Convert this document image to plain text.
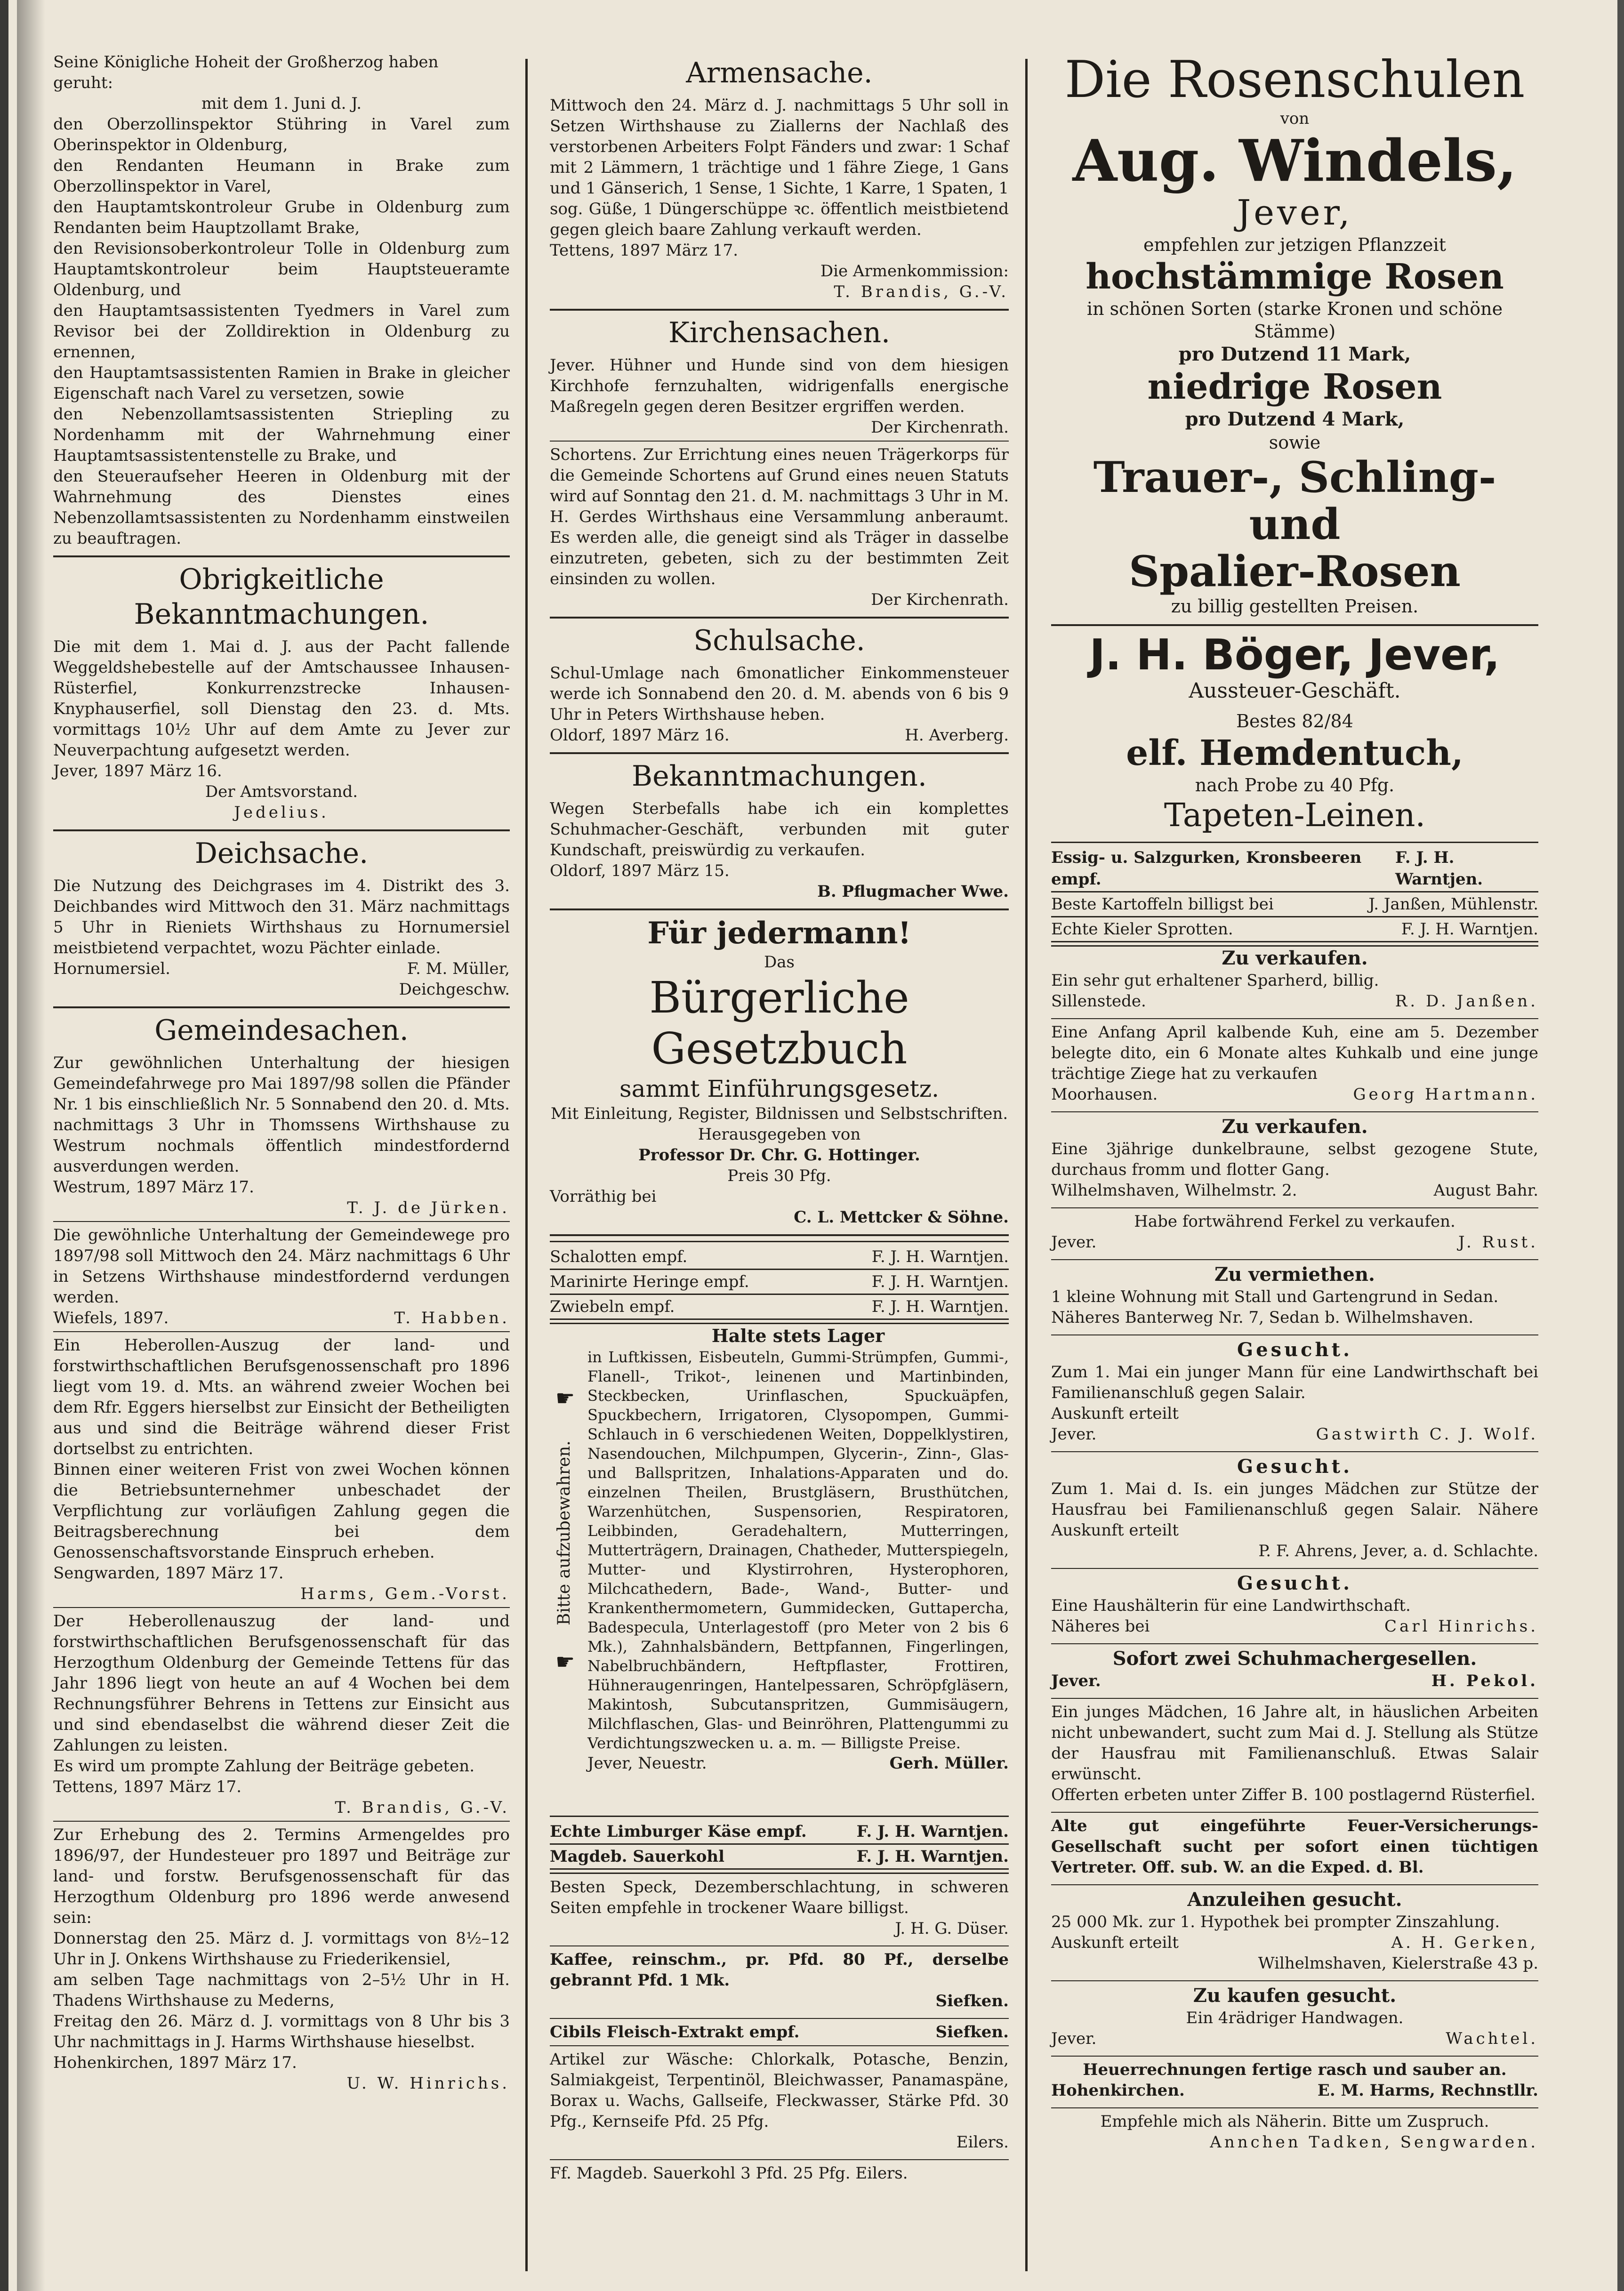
Seine Königliche Hoheit der Großherzog haben
geruht:
mit dem 1. Juni d. J.
den Oberzollinspektor Stühring in Varel zum Oberinspektor in Oldenburg,
den Rendanten Heumann in Brake zum Oberzollinspektor in Varel,
den Hauptamtskontroleur Grube in Oldenburg zum Rendanten beim Hauptzollamt Brake,
den Revisionsoberkontroleur Tolle in Oldenburg zum Hauptamtskontroleur beim Hauptsteueramte Oldenburg, und
den Hauptamtsassistenten Tyedmers in Varel zum Revisor bei der Zolldirektion in Oldenburg zu ernennen,
den Hauptamtsassistenten Ramien in Brake in gleicher Eigenschaft nach Varel zu versetzen, sowie
den Nebenzollamtsassistenten Striepling zu Nordenhamm mit der Wahrnehmung einer Hauptamtsassistentenstelle zu Brake, und
den Steueraufseher Heeren in Oldenburg mit der Wahrnehmung des Dienstes eines Nebenzollamtsassistenten zu Nordenhamm einstweilen zu beauftragen.
Obrigkeitliche Bekanntmachungen.
Die mit dem 1. Mai d. J. aus der Pacht fallende Weggeldshebestelle auf der Amtschaussee Inhausen-Rüsterfiel, Konkurrenzstrecke Inhausen-Knyphauserfiel, soll Dienstag den 23. d. Mts. vormittags 10½ Uhr auf dem Amte zu Jever zur Neuverpachtung aufgesetzt werden.
Jever, 1897 März 16.
Der Amtsvorstand.
Jedelius.
Deichsache.
Die Nutzung des Deichgrases im 4. Distrikt des 3. Deichbandes wird Mittwoch den 31. März nachmittags 5 Uhr in Rieniets Wirthshaus zu Hornumersiel meistbietend verpachtet, wozu Pächter einlade.
Hornumersiel.	F. M. Müller,
Deichgeschw.
Gemeindesachen.
Zur gewöhnlichen Unterhaltung der hiesigen Gemeindefahrwege pro Mai 1897/98 sollen die Pfänder Nr. 1 bis einschließlich Nr. 5 Sonnabend den 20. d. Mts. nachmittags 3 Uhr in Thomssens Wirthshause zu Westrum nochmals öffentlich mindestfordernd ausverdungen werden.
Westrum, 1897 März 17.
T. J. de Jürken.
Die gewöhnliche Unterhaltung der Gemeindewege pro 1897/98 soll Mittwoch den 24. März nachmittags 6 Uhr in Setzens Wirthshause mindestfordernd verdungen werden.
Wiefels, 1897.	T. Habben.
Ein Heberollen-Auszug der land- und forstwirthschaftlichen Berufsgenossenschaft pro 1896 liegt vom 19. d. Mts. an während zweier Wochen bei dem Rfr. Eggers hierselbst zur Einsicht der Betheiligten aus und sind die Beiträge während dieser Frist dortselbst zu entrichten.
Binnen einer weiteren Frist von zwei Wochen können die Betriebsunternehmer unbeschadet der Verpflichtung zur vorläufigen Zahlung gegen die Beitragsberechnung bei dem Genossenschaftsvorstande Einspruch erheben.
Sengwarden, 1897 März 17.
Harms, Gem.-Vorst.
Der Heberollenauszug der land- und forstwirthschaftlichen Berufsgenossenschaft für das Herzogthum Oldenburg der Gemeinde Tettens für das Jahr 1896 liegt von heute an auf 4 Wochen bei dem Rechnungsführer Behrens in Tettens zur Einsicht aus und sind ebendaselbst die während dieser Zeit die Zahlungen zu leisten.
Es wird um prompte Zahlung der Beiträge gebeten.
Tettens, 1897 März 17.
T. Brandis, G.-V.
Zur Erhebung des 2. Termins Armengeldes pro 1896/97, der Hundesteuer pro 1897 und Beiträge zur land- und forstw. Berufsgenossenschaft für das Herzogthum Oldenburg pro 1896 werde anwesend sein:
Donnerstag den 25. März d. J. vormittags von 8½–12 Uhr in J. Onkens Wirthshause zu Friederikensiel,
am selben Tage nachmittags von 2–5½ Uhr in H. Thadens Wirthshause zu Mederns,
Freitag den 26. März d. J. vormittags von 8 Uhr bis 3 Uhr nachmittags in J. Harms Wirthshause hieselbst.
Hohenkirchen, 1897 März 17.
U. W. Hinrichs.
Armensache.
Mittwoch den 24. März d. J. nachmittags 5 Uhr soll in Setzen Wirthshause zu Ziallerns der Nachlaß des verstorbenen Arbeiters Folpt Fänders und zwar: 1 Schaf mit 2 Lämmern, 1 trächtige und 1 fähre Ziege, 1 Gans und 1 Gänserich, 1 Sense, 1 Sichte, 1 Karre, 1 Spaten, 1 sog. Güße, 1 Düngerschüppe ꝛc. öffentlich meistbietend gegen gleich baare Zahlung verkauft werden.
Tettens, 1897 März 17.
Die Armenkommission:
T. Brandis, G.-V.
Kirchensachen.
Jever. Hühner und Hunde sind von dem hiesigen Kirchhofe fernzuhalten, widrigenfalls energische Maßregeln gegen deren Besitzer ergriffen werden.
Der Kirchenrath.
Schortens. Zur Errichtung eines neuen Trägerkorps für die Gemeinde Schortens auf Grund eines neuen Statuts wird auf Sonntag den 21. d. M. nachmittags 3 Uhr in M. H. Gerdes Wirthshaus eine Versammlung anberaumt. Es werden alle, die geneigt sind als Träger in dasselbe einzutreten, gebeten, sich zu der bestimmten Zeit einsinden zu wollen.
Der Kirchenrath.
Schulsache.
Schul-Umlage nach 6monatlicher Einkommensteuer werde ich Sonnabend den 20. d. M. abends von 6 bis 9 Uhr in Peters Wirthshause heben.
Oldorf, 1897 März 16.	H. Averberg.
Bekanntmachungen.
Wegen Sterbefalls habe ich ein komplettes Schuhmacher-Geschäft, verbunden mit guter Kundschaft, preiswürdig zu verkaufen.
Oldorf, 1897 März 15.
B. Pflugmacher Wwe.
Für jedermann!
Das
Bürgerliche Gesetzbuch
sammt Einführungsgesetz.
Mit Einleitung, Register, Bildnissen und Selbstschriften.
Herausgegeben von
Professor Dr. Chr. G. Hottinger.
Preis 30 Pfg.
Vorräthig bei
C. L. Mettcker & Söhne.
Schalotten empf.	F. J. H. Warntjen.
Marinirte Heringe empf.	F. J. H. Warntjen.
Zwiebeln empf.	F. J. H. Warntjen.
☛
Bitte aufzubewahren.
☛
Halte stets Lager
in Luftkissen, Eisbeuteln, Gummi-Strümpfen, Gummi-, Flanell-, Trikot-, leinenen und Martinbinden, Steckbecken, Urinflaschen, Spuckuäpfen, Spuckbechern, Irrigatoren, Clysopompen, Gummi-Schlauch in 6 verschiedenen Weiten, Doppelklystiren, Nasendouchen, Milchpumpen, Glycerin-, Zinn-, Glas- und Ballspritzen, Inhalations-Apparaten und do. einzelnen Theilen, Brustgläsern, Brusthütchen, Warzenhütchen, Suspensorien, Respiratoren, Leibbinden, Geradehaltern, Mutterringen, Mutterträgern, Drainagen, Chatheder, Mutterspiegeln, Mutter- und Klystirrohren, Hysterophoren, Milchcathedern, Bade-, Wand-, Butter- und Krankenthermometern, Gummidecken, Guttapercha, Badespecula, Unterlagestoff (pro Meter von 2 bis 6 Mk.), Zahnhalsbändern, Bettpfannen, Fingerlingen, Nabelbruchbändern, Heftpflaster, Frottiren, Hühneraugenringen, Hantelpessaren, Schröpfgläsern, Makintosh, Subcutanspritzen, Gummisäugern, Milchflaschen, Glas- und Beinröhren, Plattengummi zu Verdichtungszwecken u. a. m. — Billigste Preise.
Jever, Neuestr.	Gerh. Müller.
Echte Limburger Käse empf.	F. J. H. Warntjen.
Magdeb. Sauerkohl	F. J. H. Warntjen.
Besten Speck, Dezemberschlachtung, in schweren Seiten empfehle in trockener Waare billigst.
J. H. G. Düser.
Kaffee, reinschm., pr. Pfd. 80 Pf., derselbe gebrannt Pfd. 1 Mk.
Siefken.
Cibils Fleisch-Extrakt empf.	Siefken.
Artikel zur Wäsche: Chlorkalk, Potasche, Benzin, Salmiakgeist, Terpentinöl, Bleichwasser, Panamaspäne, Borax u. Wachs, Gallseife, Fleckwasser, Stärke Pfd. 30 Pfg., Kernseife Pfd. 25 Pfg.
Eilers.
Ff. Magdeb. Sauerkohl 3 Pfd. 25 Pfg. Eilers.
Die Rosenschulen
von
Aug. Windels,
Jever,
empfehlen zur jetzigen Pflanzzeit
hochstämmige Rosen
in schönen Sorten (starke Kronen und schöne Stämme)
pro Dutzend 11 Mark,
niedrige Rosen
pro Dutzend 4 Mark,
sowie
Trauer-, Schling- und
Spalier-Rosen
zu billig gestellten Preisen.
J. H. Böger, Jever,
Aussteuer-Geschäft.
Bestes 82/84
elf. Hemdentuch,
nach Probe zu 40 Pfg.
Tapeten-Leinen.
Essig- u. Salzgurken, Kronsbeeren empf.
F. J. H. Warntjen.
Beste Kartoffeln billigst bei	J. Janßen, Mühlenstr.
Echte Kieler Sprotten.	F. J. H. Warntjen.
Zu verkaufen.
Ein sehr gut erhaltener Sparherd, billig.
Sillenstede.	R. D. Janßen.
Eine Anfang April kalbende Kuh, eine am 5. Dezember belegte dito, ein 6 Monate altes Kuhkalb und eine junge trächtige Ziege hat zu verkaufen
Moorhausen.	Georg Hartmann.
Zu verkaufen.
Eine 3jährige dunkelbraune, selbst gezogene Stute, durchaus fromm und flotter Gang.
Wilhelmshaven, Wilhelmstr. 2.	August Bahr.
Habe fortwährend Ferkel zu verkaufen.
Jever.	J. Rust.
Zu vermiethen.
1 kleine Wohnung mit Stall und Gartengrund in Sedan.
Näheres Banterweg Nr. 7, Sedan b. Wilhelmshaven.
Gesucht.
Zum 1. Mai ein junger Mann für eine Landwirthschaft bei Familienanschluß gegen Salair.
Auskunft erteilt
Jever.	Gastwirth C. J. Wolf.
Gesucht.
Zum 1. Mai d. Is. ein junges Mädchen zur Stütze der Hausfrau bei Familienanschluß gegen Salair. Nähere Auskunft erteilt
P. F. Ahrens, Jever, a. d. Schlachte.
Gesucht.
Eine Haushälterin für eine Landwirthschaft.
Näheres bei	Carl Hinrichs.
Sofort zwei Schuhmachergesellen.
Jever.	H. Pekol.
Ein junges Mädchen, 16 Jahre alt, in häuslichen Arbeiten nicht unbewandert, sucht zum Mai d. J. Stellung als Stütze der Hausfrau mit Familienanschluß. Etwas Salair erwünscht.
Offerten erbeten unter Ziffer B. 100 postlagernd Rüsterfiel.
Alte gut eingeführte Feuer-Versicherungs-Gesellschaft sucht per sofort einen tüchtigen Vertreter. Off. sub. W. an die Exped. d. Bl.
Anzuleihen gesucht.
25 000 Mk. zur 1. Hypothek bei prompter Zinszahlung.
Auskunft erteilt	A. H. Gerken,
Wilhelmshaven, Kielerstraße 43 p.
Zu kaufen gesucht.
Ein 4rädriger Handwagen.
Jever.	Wachtel.
Heuerrechnungen fertige rasch und sauber an.
Hohenkirchen.	E. M. Harms, Rechnstllr.
Empfehle mich als Näherin. Bitte um Zuspruch.
Annchen Tadken, Sengwarden.
